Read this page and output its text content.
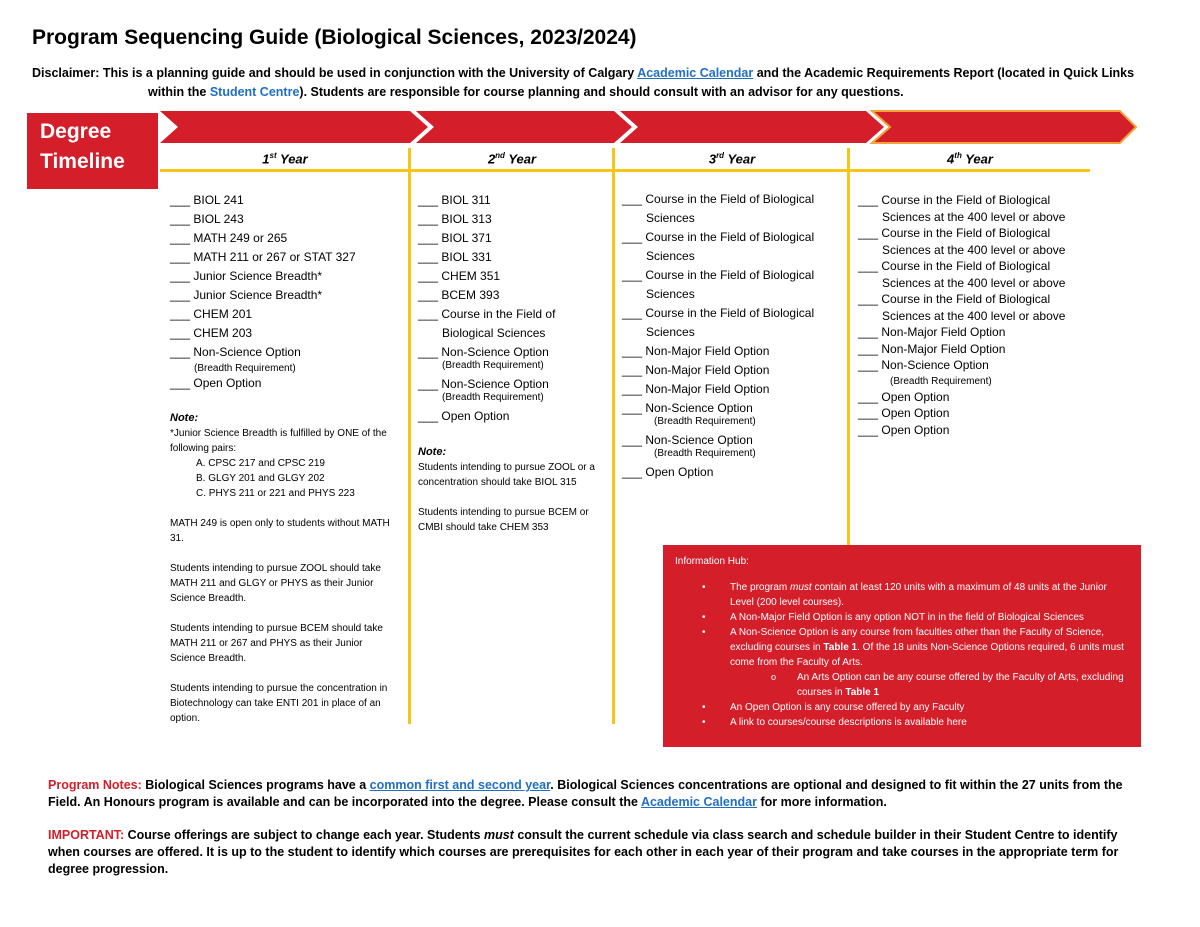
Program Sequencing Guide (Biological Sciences, 2023/2024)
Disclaimer: This is a planning guide and should be used in conjunction with the University of Calgary Academic Calendar and the Academic Requirements Report (located in Quick Links
within the Student Centre). Students are responsible for course planning and should consult with an advisor for any questions.
Degree
Timeline	1st Year	2nd Year	3rd Year	4th Year
___ BIOL 241
___ BIOL 243
___ MATH 249 or 265
___ MATH 211 or 267 or STAT 327
___ Junior Science Breadth*
___ Junior Science Breadth*
___ CHEM 201
___ CHEM 203
___ Non-Science Option
(Breadth Requirement)
___ Open Option
Note:
*Junior Science Breadth is fulfilled by ONE of the following pairs:
A. CPSC 217 and CPSC 219
B. GLGY 201 and GLGY 202
C. PHYS 211 or 221 and PHYS 223

MATH 249 is open only to students without MATH 31.

Students intending to pursue ZOOL should take MATH 211 and GLGY or PHYS as their Junior Science Breadth.

Students intending to pursue BCEM should take MATH 211 or 267 and PHYS as their Junior Science Breadth.

Students intending to pursue the concentration in Biotechnology can take ENTI 201 in place of an option.

___ BIOL 311
___ BIOL 313
___ BIOL 371
___ BIOL 331
___ CHEM 351
___ BCEM 393
___ Course in the Field of
Biological Sciences
___ Non-Science Option
(Breadth Requirement)
___ Non-Science Option
(Breadth Requirement)
___ Open Option
Note:

Students intending to pursue ZOOL or a concentration should take BIOL 315

Students intending to pursue BCEM or CMBI should take CHEM 353

___ Course in the Field of Biological
Sciences
___ Course in the Field of Biological
Sciences
___ Course in the Field of Biological
Sciences
___ Course in the Field of Biological
Sciences
___ Non-Major Field Option
___ Non-Major Field Option
___ Non-Major Field Option
___ Non-Science Option
(Breadth Requirement)
___ Non-Science Option
(Breadth Requirement)
___ Open Option
___ Course in the Field of Biological
Sciences at the 400 level or above
___ Course in the Field of Biological
Sciences at the 400 level or above
___ Course in the Field of Biological
Sciences at the 400 level or above
___ Course in the Field of Biological
Sciences at the 400 level or above
___ Non-Major Field Option
___ Non-Major Field Option
___ Non-Science Option
(Breadth Requirement)
___ Open Option
___ Open Option
___ Open Option
Information Hub:
• The program must contain at least 120 units with a maximum of 48 units at the Junior Level (200 level courses).
• A Non-Major Field Option is any option NOT in in the field of Biological Sciences
• A Non-Science Option is any course from faculties other than the Faculty of Science, excluding courses in Table 1. Of the 18 units Non-Science Options required, 6 units must come from the Faculty of Arts.
o An Arts Option can be any course offered by the Faculty of Arts, excluding courses in Table 1
• An Open Option is any course offered by any Faculty
• A link to courses/course descriptions is available here
Program Notes: Biological Sciences programs have a common first and second year. Biological Sciences concentrations are optional and designed to fit within the 27 units from the Field. An Honours program is available and can be incorporated into the degree. Please consult the Academic Calendar for more information.
IMPORTANT: Course offerings are subject to change each year. Students must consult the current schedule via class search and schedule builder in their Student Centre to identify when courses are offered. It is up to the student to identify which courses are prerequisites for each other in each year of their program and take courses in the appropriate term for degree progression.
